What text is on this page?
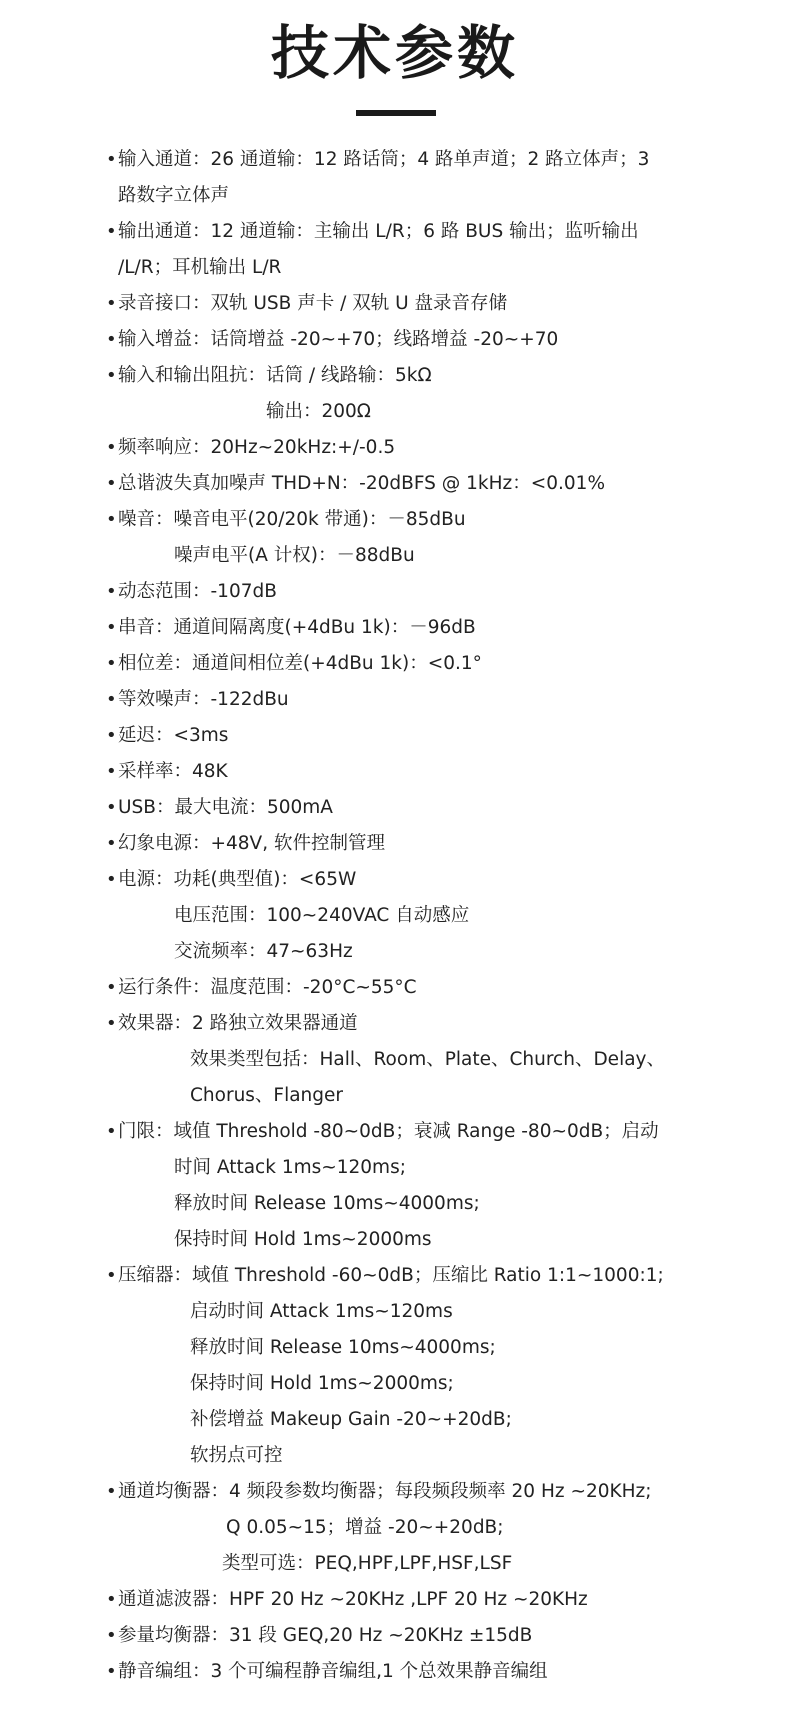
技术参数
• 输入通道：26 通道输：12 路话筒；4 路单声道；2 路立体声；3
路数字立体声
• 输出通道：12 通道输：主输出 L/R；6 路 BUS 输出；监听输出
/L/R；耳机输出 L/R
• 录音接口：双轨 USB 声卡 / 双轨 U 盘录音存储
• 输入增益：话筒增益 -20~+70；线路增益 -20~+70
• 输入和输出阻抗：话筒 / 线路输：5kΩ
输出：200Ω
• 频率响应：20Hz~20kHz:+/-0.5
• 总谐波失真加噪声 THD+N：-20dBFS @ 1kHz：<0.01%
• 噪音：噪音电平(20/20k 带通)：－85dBu
噪声电平(A 计权)：－88dBu
• 动态范围：-107dB
• 串音：通道间隔离度(+4dBu 1k)：－96dB
• 相位差：通道间相位差(+4dBu 1k)：<0.1°
• 等效噪声：-122dBu
• 延迟：<3ms
• 采样率：48K
• USB：最大电流：500mA
• 幻象电源：+48V, 软件控制管理
• 电源：功耗(典型值)：<65W
电压范围：100~240VAC 自动感应
交流频率：47~63Hz
• 运行条件：温度范围：-20°C~55°C
• 效果器：2 路独立效果器通道
效果类型包括：Hall、Room、Plate、Church、Delay、
Chorus、Flanger
• 门限：域值 Threshold -80~0dB；衰减 Range -80~0dB；启动
时间 Attack 1ms~120ms;
释放时间 Release 10ms~4000ms;
保持时间 Hold 1ms~2000ms
• 压缩器：域值 Threshold -60~0dB；压缩比 Ratio 1:1~1000:1;
启动时间 Attack 1ms~120ms
释放时间 Release 10ms~4000ms;
保持时间 Hold 1ms~2000ms;
补偿增益 Makeup Gain -20~+20dB;
软拐点可控
• 通道均衡器：4 频段参数均衡器；每段频段频率 20 Hz ~20KHz;
Q 0.05~15；增益 -20~+20dB;
类型可选：PEQ,HPF,LPF,HSF,LSF
• 通道滤波器：HPF 20 Hz ~20KHz ,LPF 20 Hz ~20KHz
• 参量均衡器：31 段 GEQ,20 Hz ~20KHz ±15dB
• 静音编组：3 个可编程静音编组,1 个总效果静音编组
